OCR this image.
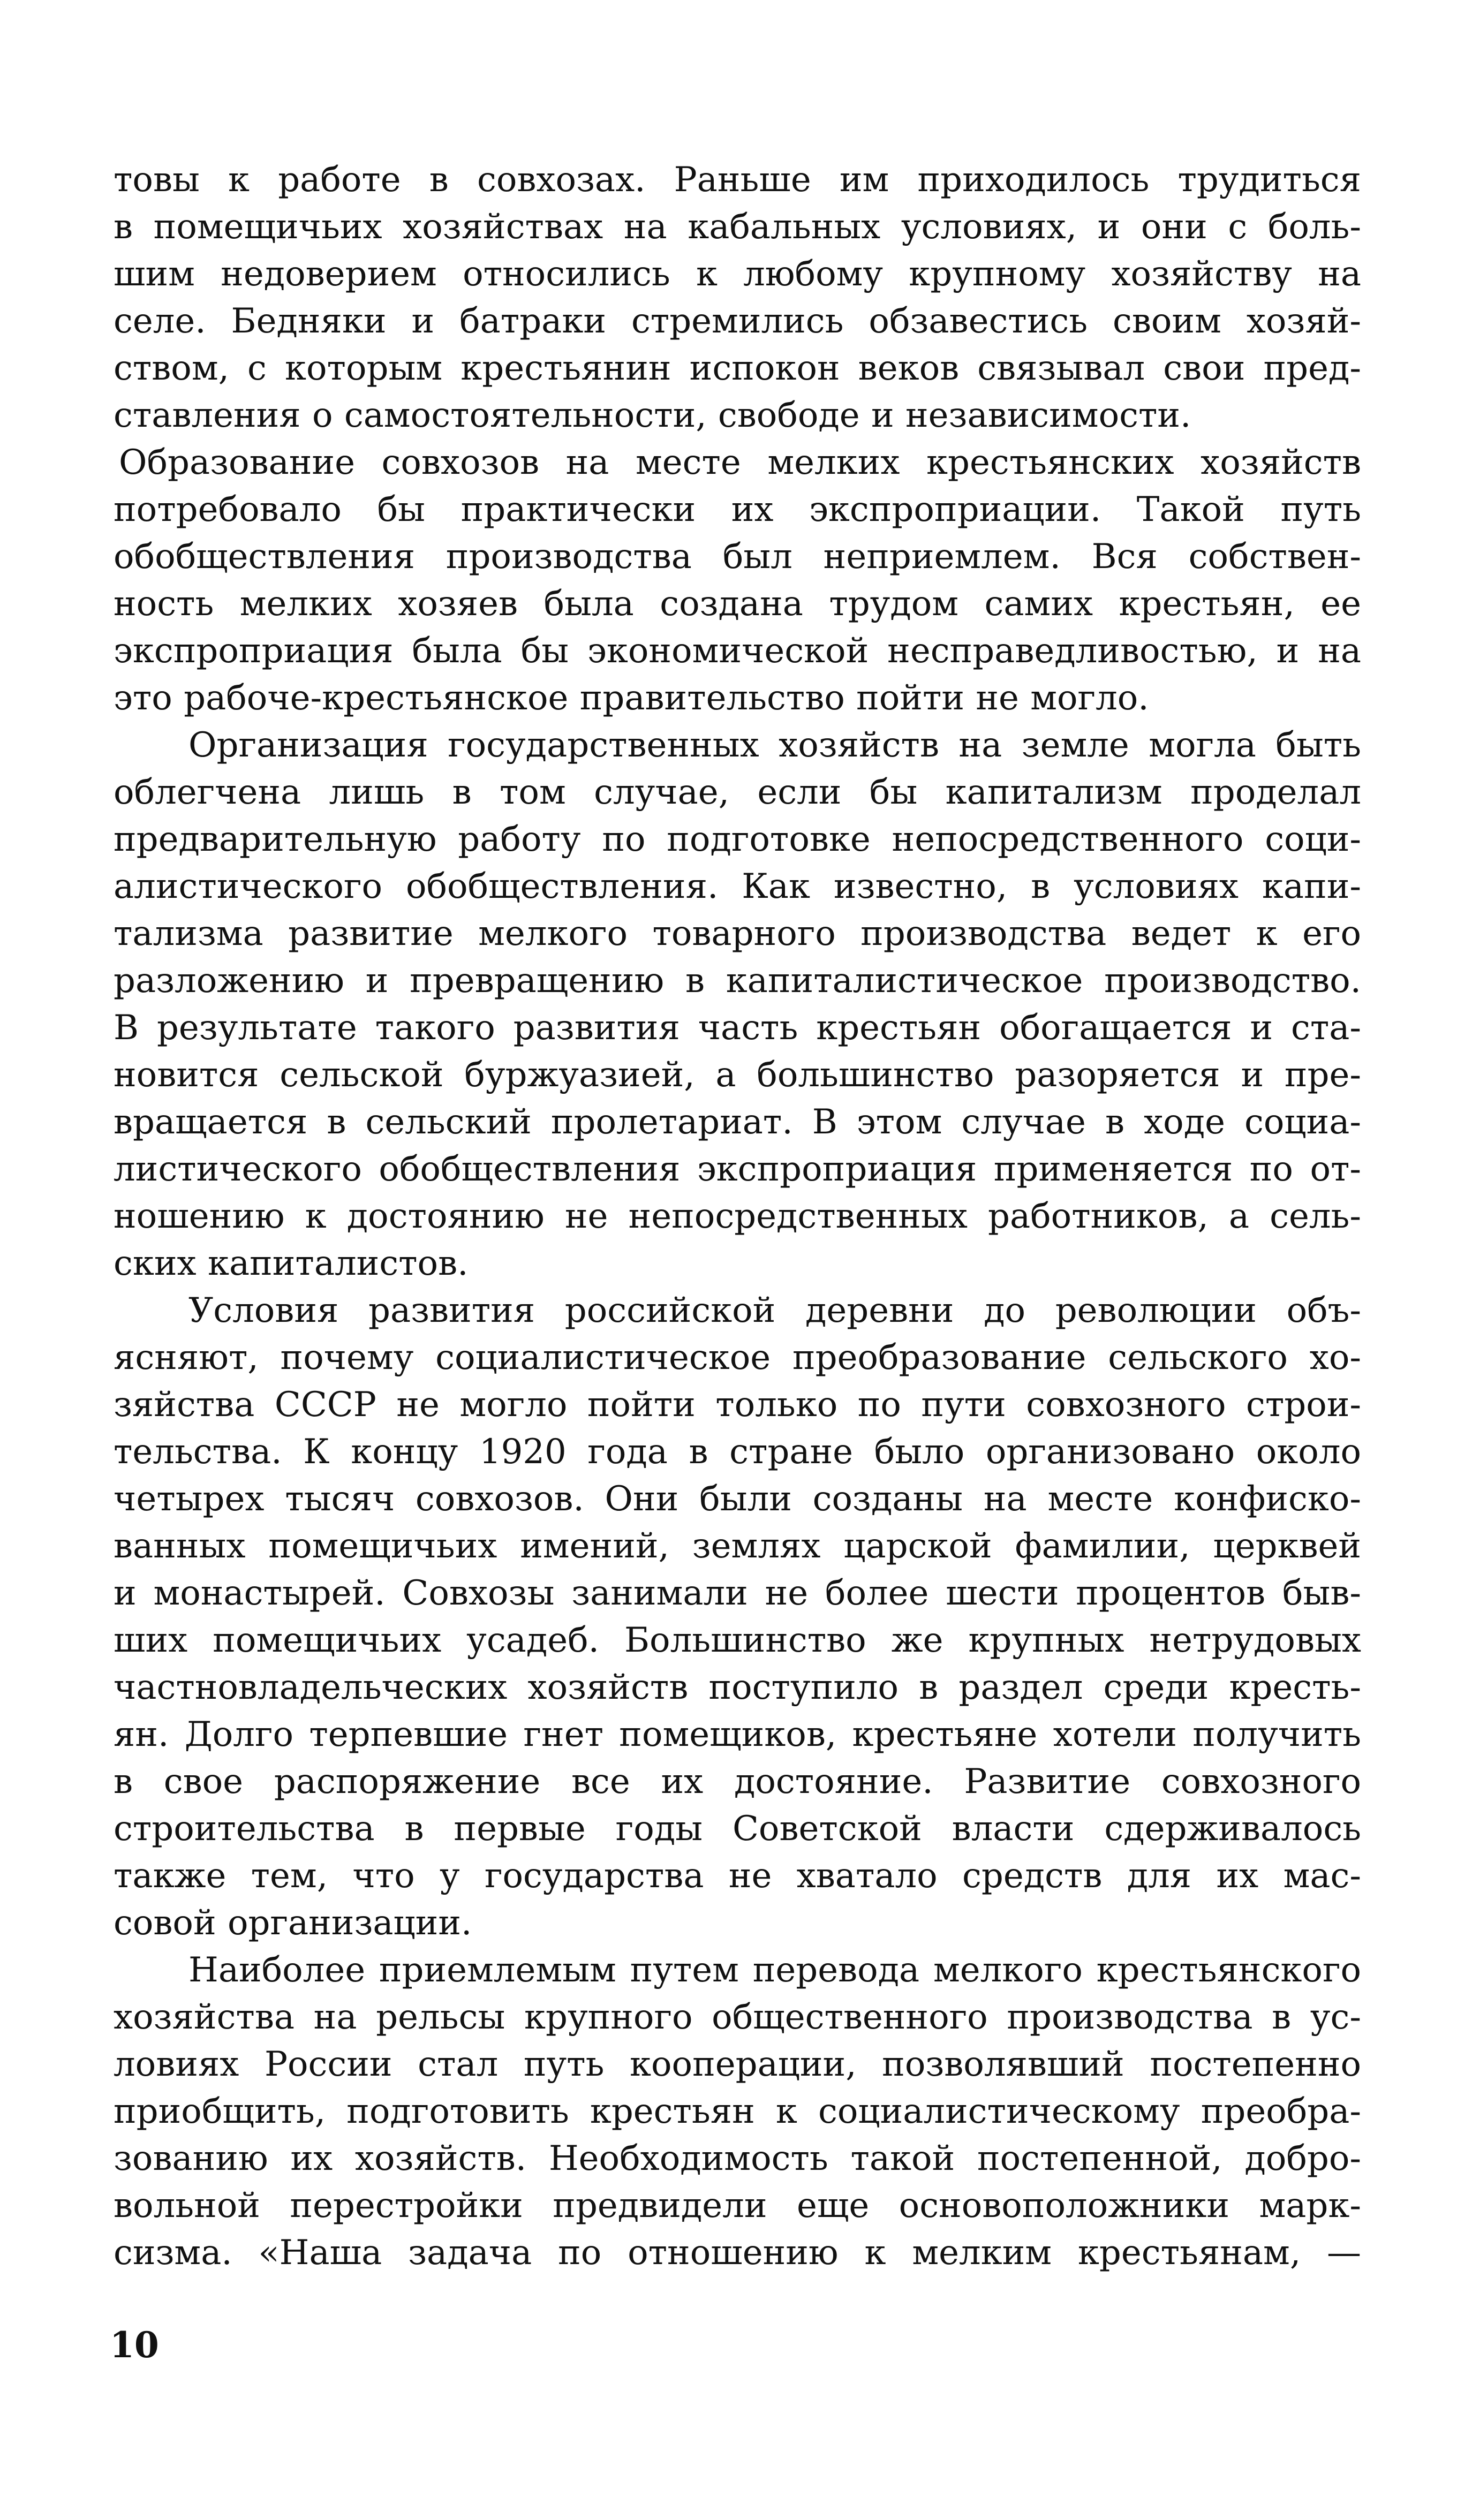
товы к работе в совхозах. Раньше им приходилось трудиться
в помещичьих хозяйствах на кабальных условиях, и они с боль-
шим недоверием относились к любому крупному хозяйству на
селе. Бедняки и батраки стремились обзавестись своим хозяй-
ством, с которым крестьянин испокон веков связывал свои пред-
ставления о самостоятельности, свободе и независимости.
Образование совхозов на месте мелких крестьянских хозяйств
потребовало бы практически их экспроприации. Такой путь
обобществления производства был неприемлем. Вся собствен-
ность мелких хозяев была создана трудом самих крестьян, ее
экспроприация была бы экономической несправедливостью, и на
это рабоче-крестьянское правительство пойти не могло.
Организация государственных хозяйств на земле могла быть
облегчена лишь в том случае, если бы капитализм проделал
предварительную работу по подготовке непосредственного соци-
алистического обобществления. Как известно, в условиях капи-
тализма развитие мелкого товарного производства ведет к его
разложению и превращению в капиталистическое производство.
В результате такого развития часть крестьян обогащается и ста-
новится сельской буржуазией, а большинство разоряется и пре-
вращается в сельский пролетариат. В этом случае в ходе социа-
листического обобществления экспроприация применяется по от-
ношению к достоянию не непосредственных работников, а сель-
ских капиталистов.
Условия развития российской деревни до революции объ-
ясняют, почему социалистическое преобразование сельского хо-
зяйства СССР не могло пойти только по пути совхозного строи-
тельства. К концу 1920 года в стране было организовано около
четырех тысяч совхозов. Они были созданы на месте конфиско-
ванных помещичьих имений, землях царской фамилии, церквей
и монастырей. Совхозы занимали не более шести процентов быв-
ших помещичьих усадеб. Большинство же крупных нетрудовых
частновладельческих хозяйств поступило в раздел среди кресть-
ян. Долго терпевшие гнет помещиков, крестьяне хотели получить
в свое распоряжение все их достояние. Развитие совхозного
строительства в первые годы Советской власти сдерживалось
также тем, что у государства не хватало средств для их мас-
совой организации.
Наиболее приемлемым путем перевода мелкого крестьянского
хозяйства на рельсы крупного общественного производства в ус-
ловиях России стал путь кооперации, позволявший постепенно
приобщить, подготовить крестьян к социалистическому преобра-
зованию их хозяйств. Необходимость такой постепенной, добро-
вольной перестройки предвидели еще основоположники марк-
сизма. «Наша задача по отношению к мелким крестьянам, —
10
